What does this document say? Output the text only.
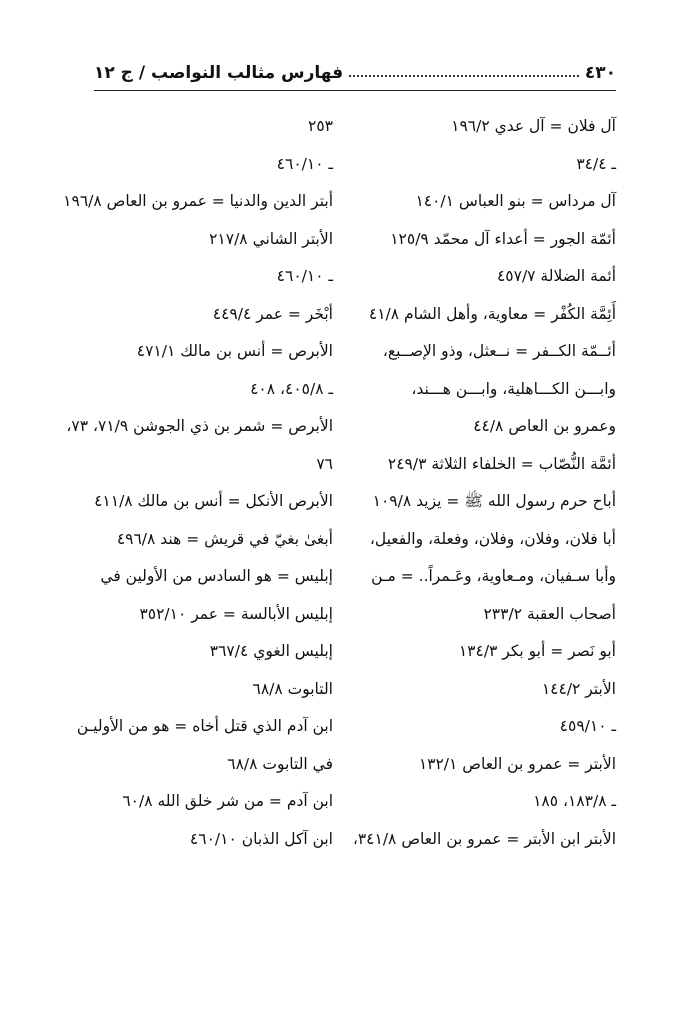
٤٣٠
فهارس مثالب النواصب / ج ١٢
آل فلان = آل عدي ١٩٦/٢
ـ ٣٤/٤
آل مرداس = بنو العباس ١٤٠/١
أئمّة الجور = أعداء آل محمّد ١٢٥/٩
أئمة الضلالة ٤٥٧/٧
أَئِمَّة الكُفْر = معاوية، وأهل الشام ٤١/٨
أئــمّة الكــفر = نــعثل، وذو الإصــبع،
وابـــن الكـــاهلية، وابـــن هـــند،
وعمرو بن العاص ٤٤/٨
أئمَّة النُّصّاب = الخلفاء الثلاثة ٢٤٩/٣
أباح حرم رسول الله ﷺ = يزيد ١٠٩/٨
أبا فلان، وفلان، وفلان، وفعلة، والفعيل،
وأبا سـفيان، ومـعاوية، وعَـمراً.. = مـن
أصحاب العقبة ٢٣٣/٢
أبو نَصر = أبو بكر ١٣٤/٣
الأبتر ١٤٤/٢
ـ ٤٥٩/١٠
الأبتر = عمرو بن العاص ١٣٢/١
ـ ١٨٣/٨، ١٨٥
الأبتر ابن الأبتر = عمرو بن العاص ٣٤١/٨،
٢٥٣
ـ ٤٦٠/١٠
أبتر الدين والدنيا = عمرو بن العاص ١٩٦/٨
الأبتر الشاني ٢١٧/٨
ـ ٤٦٠/١٠
أبْخَر = عمر ٤٤٩/٤
الأبرص = أنس بن مالك ٤٧١/١
ـ ٤٠٥/٨، ٤٠٨
الأبرص = شمر بن ذي الجوشن ٧١/٩، ٧٣،
٧٦
الأبرص الأنكل = أنس بن مالك ٤١١/٨
أبغىٰ بغيّ في قريش = هند ٤٩٦/٨
إبليس = هو السادس من الأولين في
إبليس الأبالسة = عمر ٣٥٢/١٠
إبليس الغوي ٣٦٧/٤
التابوت ٦٨/٨
ابن آدم الذي قتل أخاه = هو من الأوليـن
في التابوت ٦٨/٨
ابن آدم = من شر خلق الله ٦٠/٨
ابن آكل الذبان ٤٦٠/١٠
